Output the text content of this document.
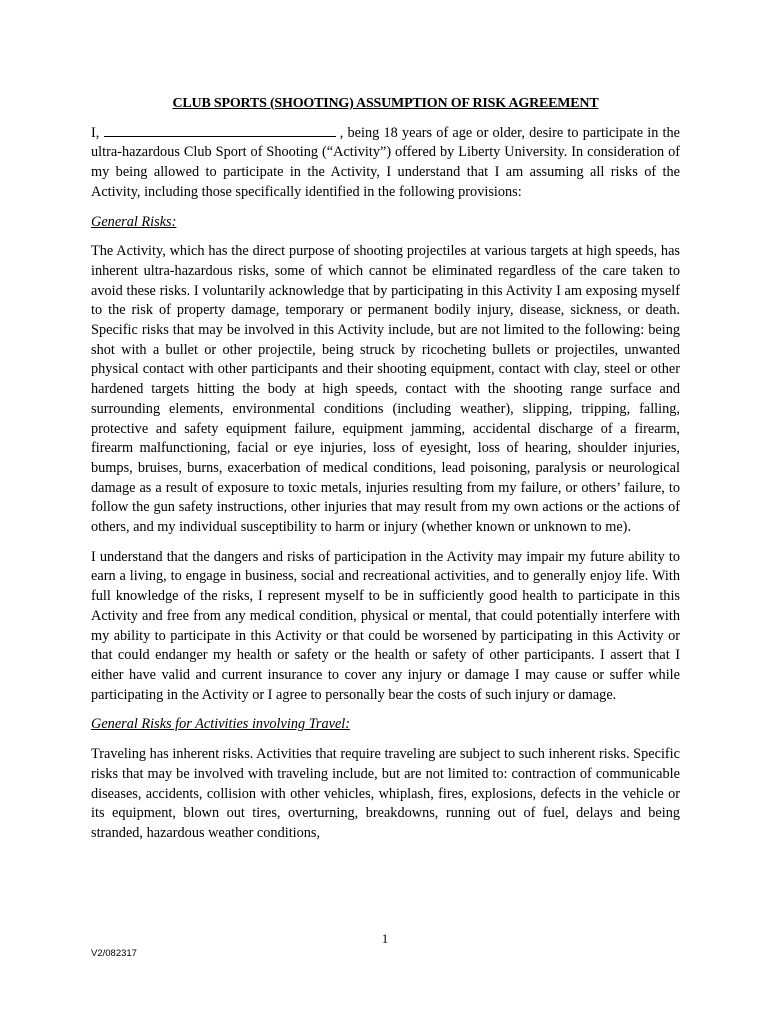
CLUB SPORTS (SHOOTING) ASSUMPTION OF RISK AGREEMENT

I,	, being 18 years of age or older, desire to participate in the ultra-hazardous Club Sport of Shooting (“Activity”) offered by Liberty University. In consideration of my being allowed to participate in the Activity, I understand that I am assuming all risks of the Activity, including those specifically identified in the following provisions:

General Risks:

The Activity, which has the direct purpose of shooting projectiles at various targets at high speeds, has inherent ultra-hazardous risks, some of which cannot be eliminated regardless of the care taken to avoid these risks. I voluntarily acknowledge that by participating in this Activity I am exposing myself to the risk of property damage, temporary or permanent bodily injury, disease, sickness, or death. Specific risks that may be involved in this Activity include, but are not limited to the following: being shot with a bullet or other projectile, being struck by ricocheting bullets or projectiles, unwanted physical contact with other participants and their shooting equipment, contact with clay, steel or other hardened targets hitting the body at high speeds, contact with the shooting range surface and surrounding elements, environmental conditions (including weather), slipping, tripping, falling, protective and safety equipment failure, equipment jamming, accidental discharge of a firearm, firearm malfunctioning, facial or eye injuries, loss of eyesight, loss of hearing, shoulder injuries, bumps, bruises, burns, exacerbation of medical conditions, lead poisoning, paralysis or neurological damage as a result of exposure to toxic metals, injuries resulting from my failure, or others’ failure, to follow the gun safety instructions, other injuries that may result from my own actions or the actions of others, and my individual susceptibility to harm or injury (whether known or unknown to me).

I understand that the dangers and risks of participation in the Activity may impair my future ability to earn a living, to engage in business, social and recreational activities, and to generally enjoy life. With full knowledge of the risks, I represent myself to be in sufficiently good health to participate in this Activity and free from any medical condition, physical or mental, that could potentially interfere with my ability to participate in this Activity or that could be worsened by participating in this Activity or that could endanger my health or safety or the health or safety of other participants. I assert that I either have valid and current insurance to cover any injury or damage I may cause or suffer while participating in the Activity or I agree to personally bear the costs of such injury or damage.

General Risks for Activities involving Travel:

Traveling has inherent risks. Activities that require traveling are subject to such inherent risks. Specific risks that may be involved with traveling include, but are not limited to: contraction of communicable diseases, accidents, collision with other vehicles, whiplash, fires, explosions, defects in the vehicle or its equipment, blown out tires, overturning, breakdowns, running out of fuel, delays and being stranded, hazardous weather conditions,

1
V2/082317
